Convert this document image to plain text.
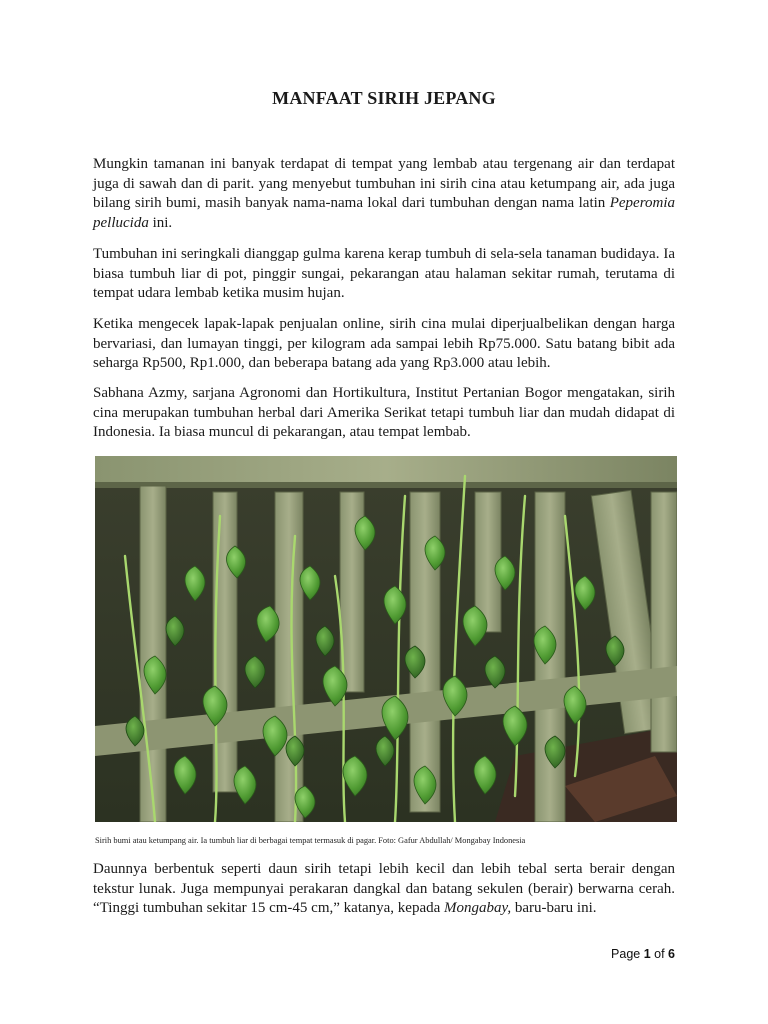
MANFAAT SIRIH JEPANG

Mungkin tamanan ini banyak terdapat di tempat yang lembab atau tergenang air dan terdapat juga di sawah dan di parit. yang menyebut tumbuhan ini sirih cina atau ketumpang air, ada juga bilang sirih bumi, masih banyak nama-nama lokal dari tumbuhan dengan nama latin Peperomia pellucida ini.

Tumbuhan ini seringkali dianggap gulma karena kerap tumbuh di sela-sela tanaman budidaya. Ia biasa tumbuh liar di pot, pinggir sungai, pekarangan atau halaman sekitar rumah, terutama di tempat udara lembab ketika musim hujan.

Ketika mengecek lapak-lapak penjualan online, sirih cina mulai diperjualbelikan dengan harga bervariasi, dan lumayan tinggi, per kilogram ada sampai lebih Rp75.000. Satu batang bibit ada seharga Rp500, Rp1.000, dan beberapa batang ada yang Rp3.000 atau lebih.

Sabhana Azmy, sarjana Agronomi dan Hortikultura, Institut Pertanian Bogor mengatakan, sirih cina merupakan tumbuhan herbal dari Amerika Serikat tetapi tumbuh liar dan mudah didapat di Indonesia. Ia biasa muncul di pekarangan, atau tempat lembab.

Sirih bumi atau ketumpang air. Ia tumbuh liar di berbagai tempat termasuk di pagar. Foto: Gafur Abdullah/ Mongabay Indonesia

Daunnya berbentuk seperti daun sirih tetapi lebih kecil dan lebih tebal serta berair dengan tekstur lunak. Juga mempunyai perakaran dangkal dan batang sekulen (berair) berwarna cerah. “Tinggi tumbuhan sekitar 15 cm-45 cm,” katanya, kepada Mongabay, baru-baru ini.

Page 1 of 6
